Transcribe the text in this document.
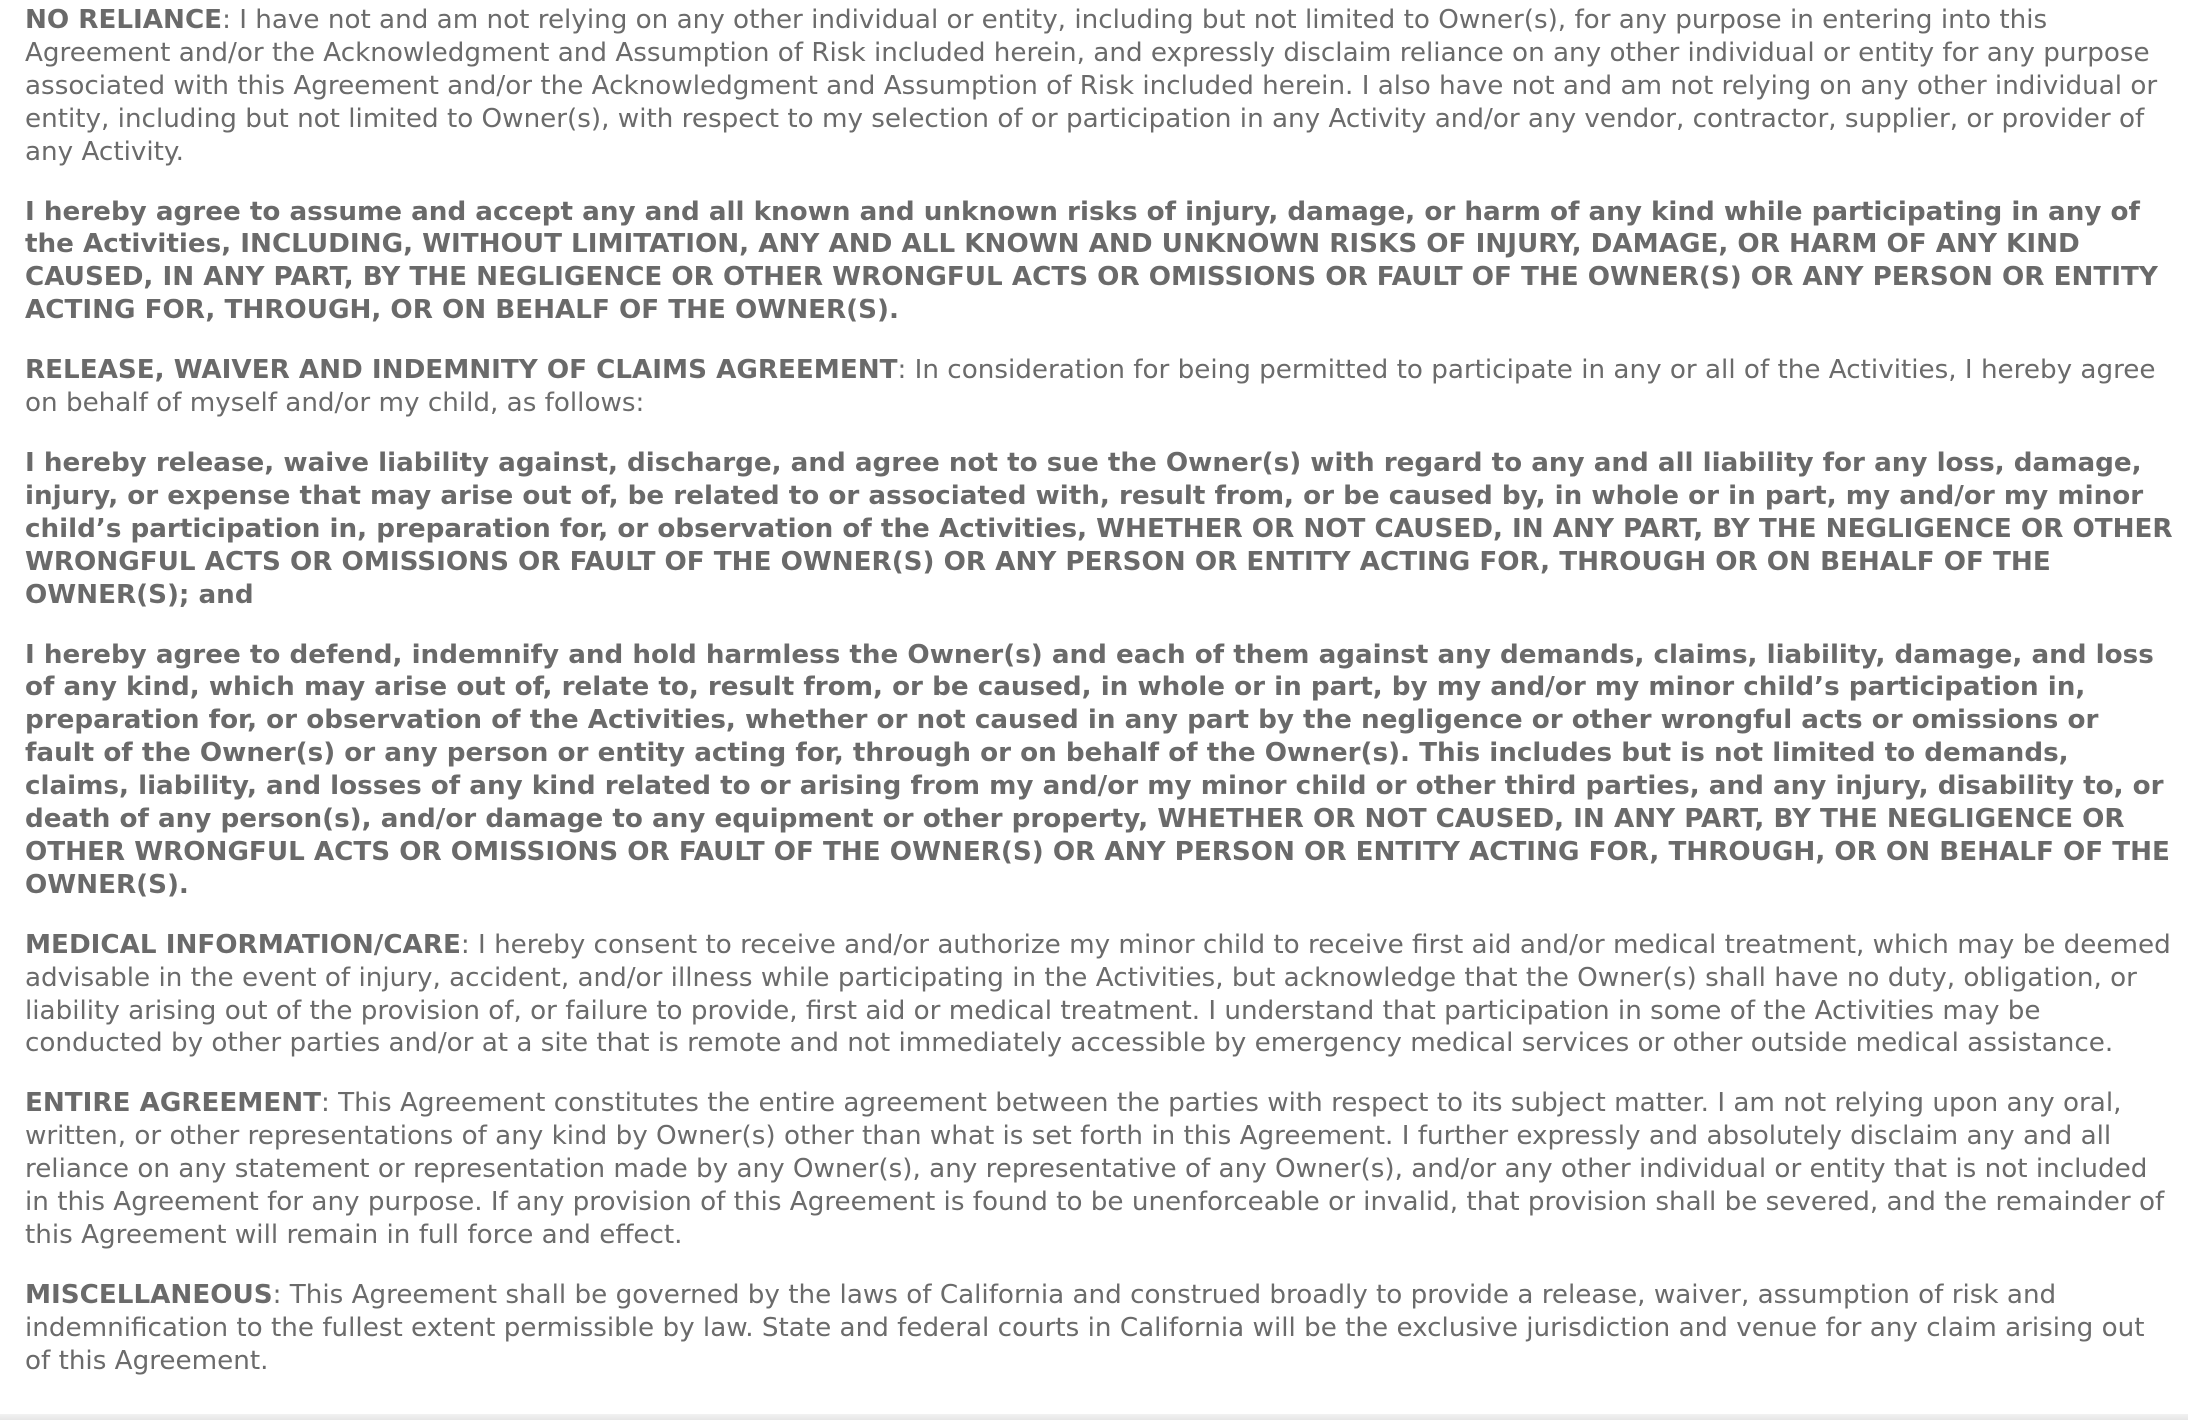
NO RELIANCE: I have not and am not relying on any other individual or entity, including but not limited to Owner(s), for any purpose in entering into this Agreement and/or the Acknowledgment and Assumption of Risk included herein, and expressly disclaim reliance on any other individual or entity for any purpose associated with this Agreement and/or the Acknowledgment and Assumption of Risk included herein. I also have not and am not relying on any other individual or entity, including but not limited to Owner(s), with respect to my selection of or participation in any Activity and/or any vendor, contractor, supplier, or provider of any Activity.

I hereby agree to assume and accept any and all known and unknown risks of injury, damage, or harm of any kind while participating in any of the Activities, INCLUDING, WITHOUT LIMITATION, ANY AND ALL KNOWN AND UNKNOWN RISKS OF INJURY, DAMAGE, OR HARM OF ANY KIND CAUSED, IN ANY PART, BY THE NEGLIGENCE OR OTHER WRONGFUL ACTS OR OMISSIONS OR FAULT OF THE OWNER(S) OR ANY PERSON OR ENTITY ACTING FOR, THROUGH, OR ON BEHALF OF THE OWNER(S).

RELEASE, WAIVER AND INDEMNITY OF CLAIMS AGREEMENT: In consideration for being permitted to participate in any or all of the Activities, I hereby agree on behalf of myself and/or my child, as follows:

I hereby release, waive liability against, discharge, and agree not to sue the Owner(s) with regard to any and all liability for any loss, damage, injury, or expense that may arise out of, be related to or associated with, result from, or be caused by, in whole or in part, my and/or my minor child’s participation in, preparation for, or observation of the Activities, WHETHER OR NOT CAUSED, IN ANY PART, BY THE NEGLIGENCE OR OTHER WRONGFUL ACTS OR OMISSIONS OR FAULT OF THE OWNER(S) OR ANY PERSON OR ENTITY ACTING FOR, THROUGH OR ON BEHALF OF THE OWNER(S); and

I hereby agree to defend, indemnify and hold harmless the Owner(s) and each of them against any demands, claims, liability, damage, and loss of any kind, which may arise out of, relate to, result from, or be caused, in whole or in part, by my and/or my minor child’s participation in, preparation for, or observation of the Activities, whether or not caused in any part by the negligence or other wrongful acts or omissions or fault of the Owner(s) or any person or entity acting for, through or on behalf of the Owner(s). This includes but is not limited to demands, claims, liability, and losses of any kind related to or arising from my and/or my minor child or other third parties, and any injury, disability to, or death of any person(s), and/or damage to any equipment or other property, WHETHER OR NOT CAUSED, IN ANY PART, BY THE NEGLIGENCE OR OTHER WRONGFUL ACTS OR OMISSIONS OR FAULT OF THE OWNER(S) OR ANY PERSON OR ENTITY ACTING FOR, THROUGH, OR ON BEHALF OF THE OWNER(S).

MEDICAL INFORMATION/CARE: I hereby consent to receive and/or authorize my minor child to receive first aid and/or medical treatment, which may be deemed advisable in the event of injury, accident, and/or illness while participating in the Activities, but acknowledge that the Owner(s) shall have no duty, obligation, or liability arising out of the provision of, or failure to provide, first aid or medical treatment. I understand that participation in some of the Activities may be conducted by other parties and/or at a site that is remote and not immediately accessible by emergency medical services or other outside medical assistance.

ENTIRE AGREEMENT: This Agreement constitutes the entire agreement between the parties with respect to its subject matter. I am not relying upon any oral, written, or other representations of any kind by Owner(s) other than what is set forth in this Agreement. I further expressly and absolutely disclaim any and all reliance on any statement or representation made by any Owner(s), any representative of any Owner(s), and/or any other individual or entity that is not included in this Agreement for any purpose. If any provision of this Agreement is found to be unenforceable or invalid, that provision shall be severed, and the remainder of this Agreement will remain in full force and effect.

MISCELLANEOUS: This Agreement shall be governed by the laws of California and construed broadly to provide a release, waiver, assumption of risk and indemnification to the fullest extent permissible by law. State and federal courts in California will be the exclusive jurisdiction and venue for any claim arising out of this Agreement.
